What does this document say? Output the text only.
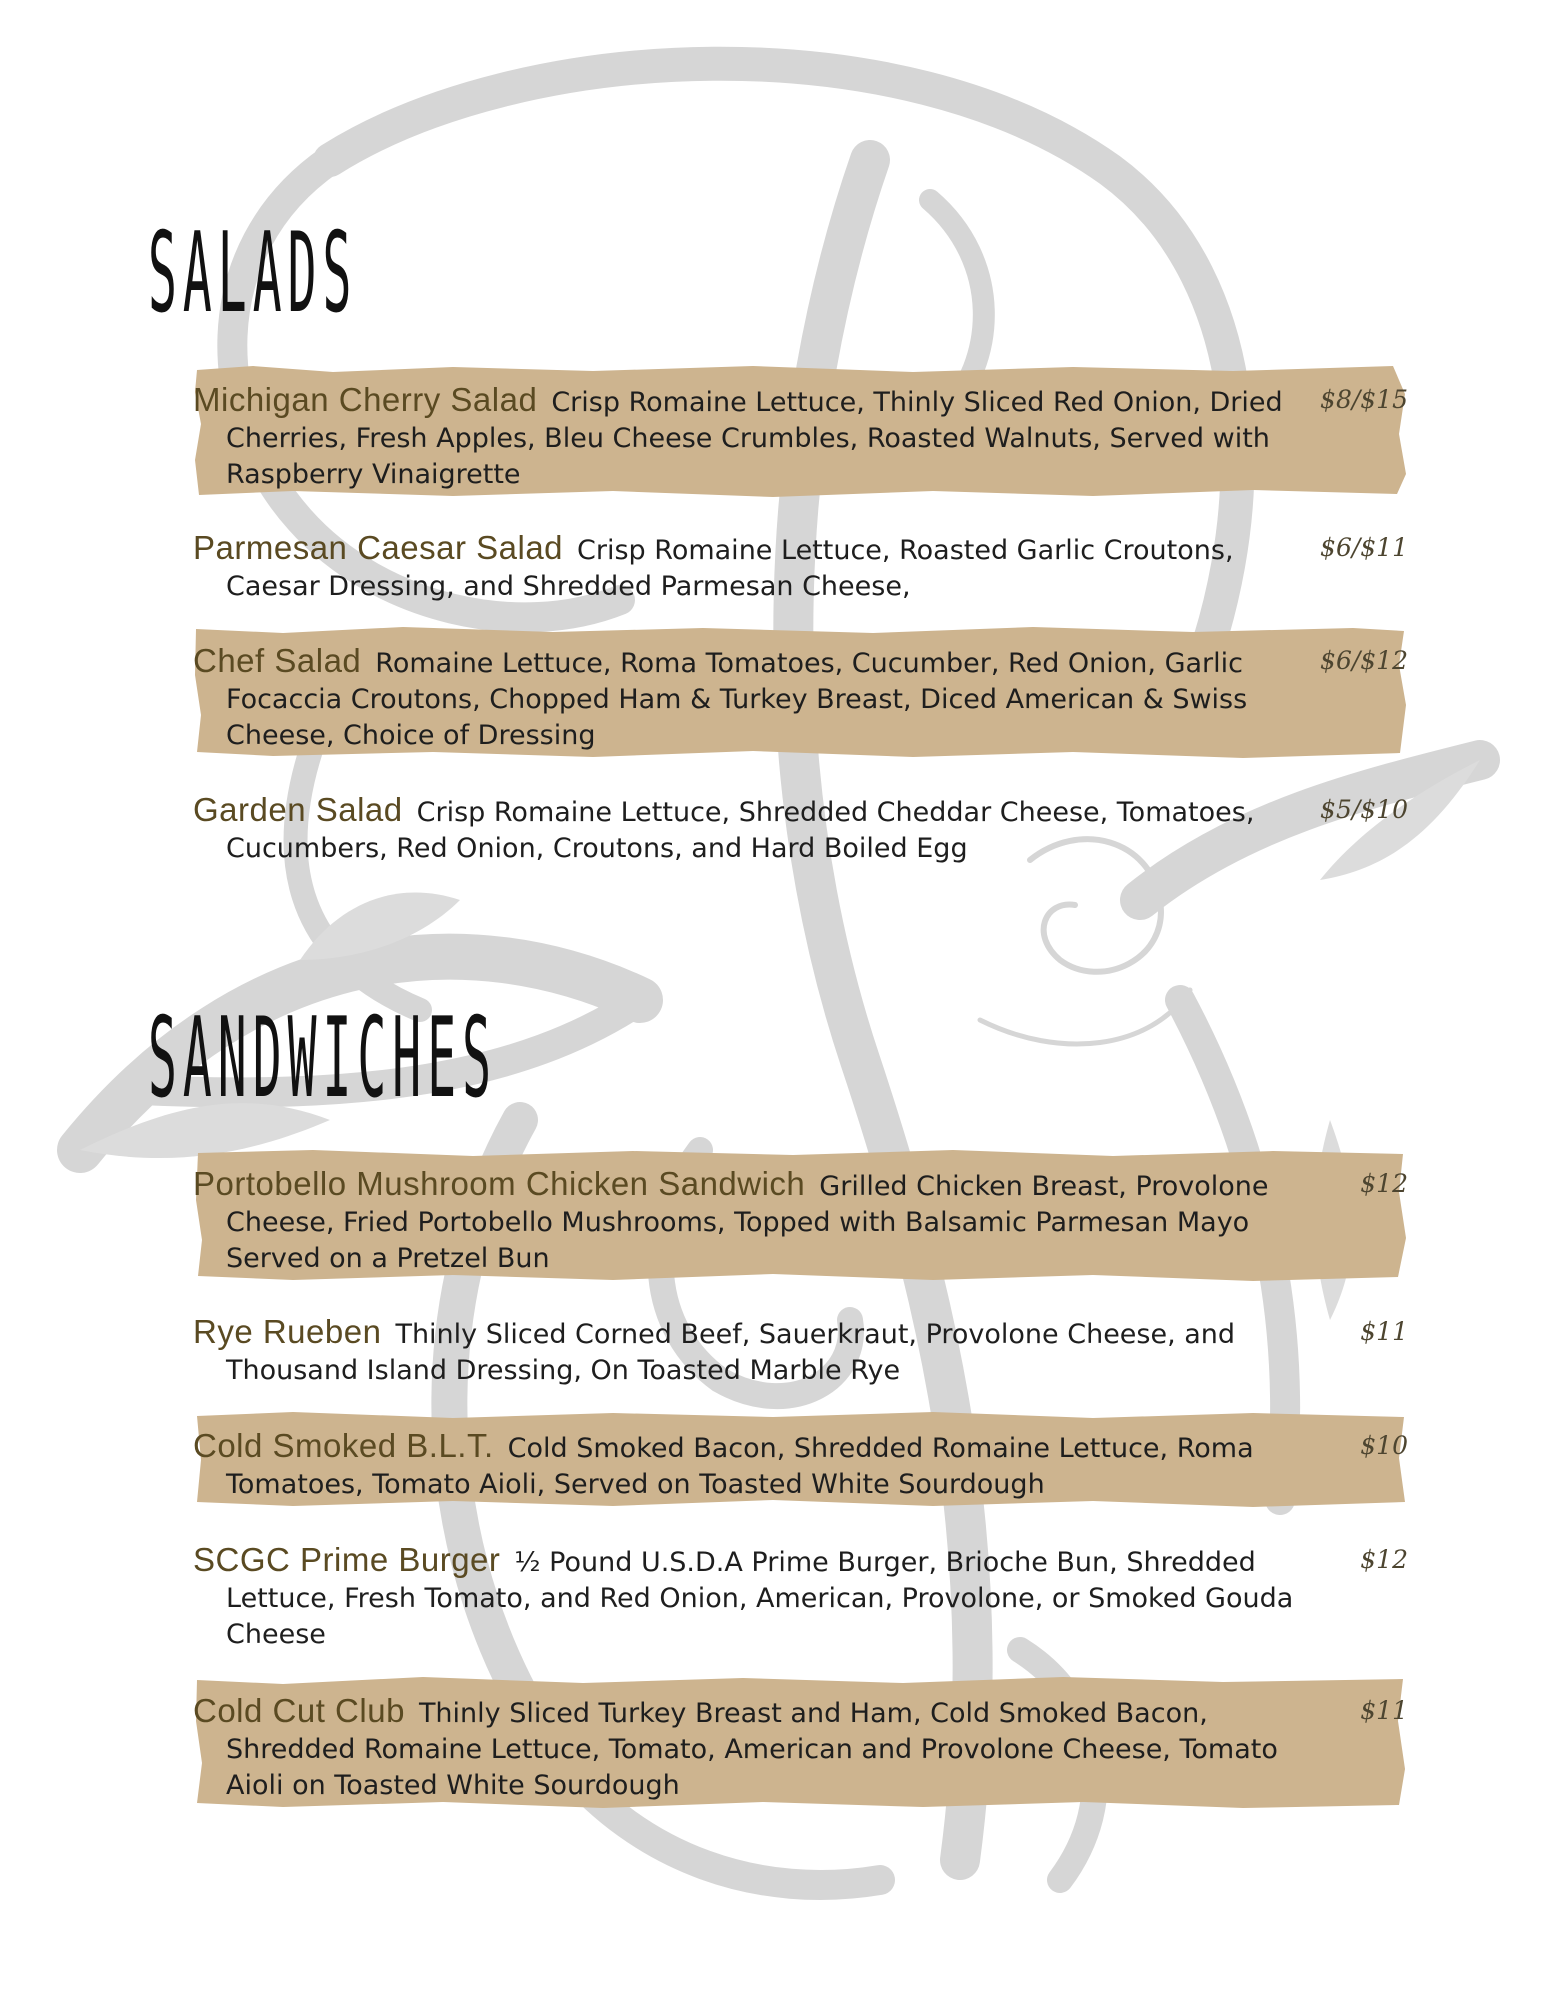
SALADS

Michigan Cherry Salad Crisp Romaine Lettuce, Thinly Sliced Red Onion, Dried Cherries, Fresh Apples, Bleu Cheese Crumbles, Roasted Walnuts, Served with Raspberry Vinaigrette

$8/$15

Parmesan Caesar Salad Crisp Romaine Lettuce, Roasted Garlic Croutons, Caesar Dressing, and Shredded Parmesan Cheese,

$6/$11

Chef Salad Romaine Lettuce, Roma Tomatoes, Cucumber, Red Onion, Garlic Focaccia Croutons, Chopped Ham & Turkey Breast, Diced American & Swiss Cheese, Choice of Dressing

$6/$12

Garden Salad Crisp Romaine Lettuce, Shredded Cheddar Cheese, Tomatoes, Cucumbers, Red Onion, Croutons, and Hard Boiled Egg

$5/$10
SANDWICHES

Portobello Mushroom Chicken Sandwich Grilled Chicken Breast, Provolone Cheese, Fried Portobello Mushrooms, Topped with Balsamic Parmesan Mayo Served on a Pretzel Bun

$12

Rye Rueben Thinly Sliced Corned Beef, Sauerkraut, Provolone Cheese, and Thousand Island Dressing, On Toasted Marble Rye

$11

Cold Smoked B.L.T. Cold Smoked Bacon, Shredded Romaine Lettuce, Roma Tomatoes, Tomato Aioli, Served on Toasted White Sourdough

$10

SCGC Prime Burger ½ Pound U.S.D.A Prime Burger, Brioche Bun, Shredded Lettuce, Fresh Tomato, and Red Onion, American, Provolone, or Smoked Gouda Cheese

$12

Cold Cut Club Thinly Sliced Turkey Breast and Ham, Cold Smoked Bacon, Shredded Romaine Lettuce, Tomato, American and Provolone Cheese, Tomato Aioli on Toasted White Sourdough

$11
